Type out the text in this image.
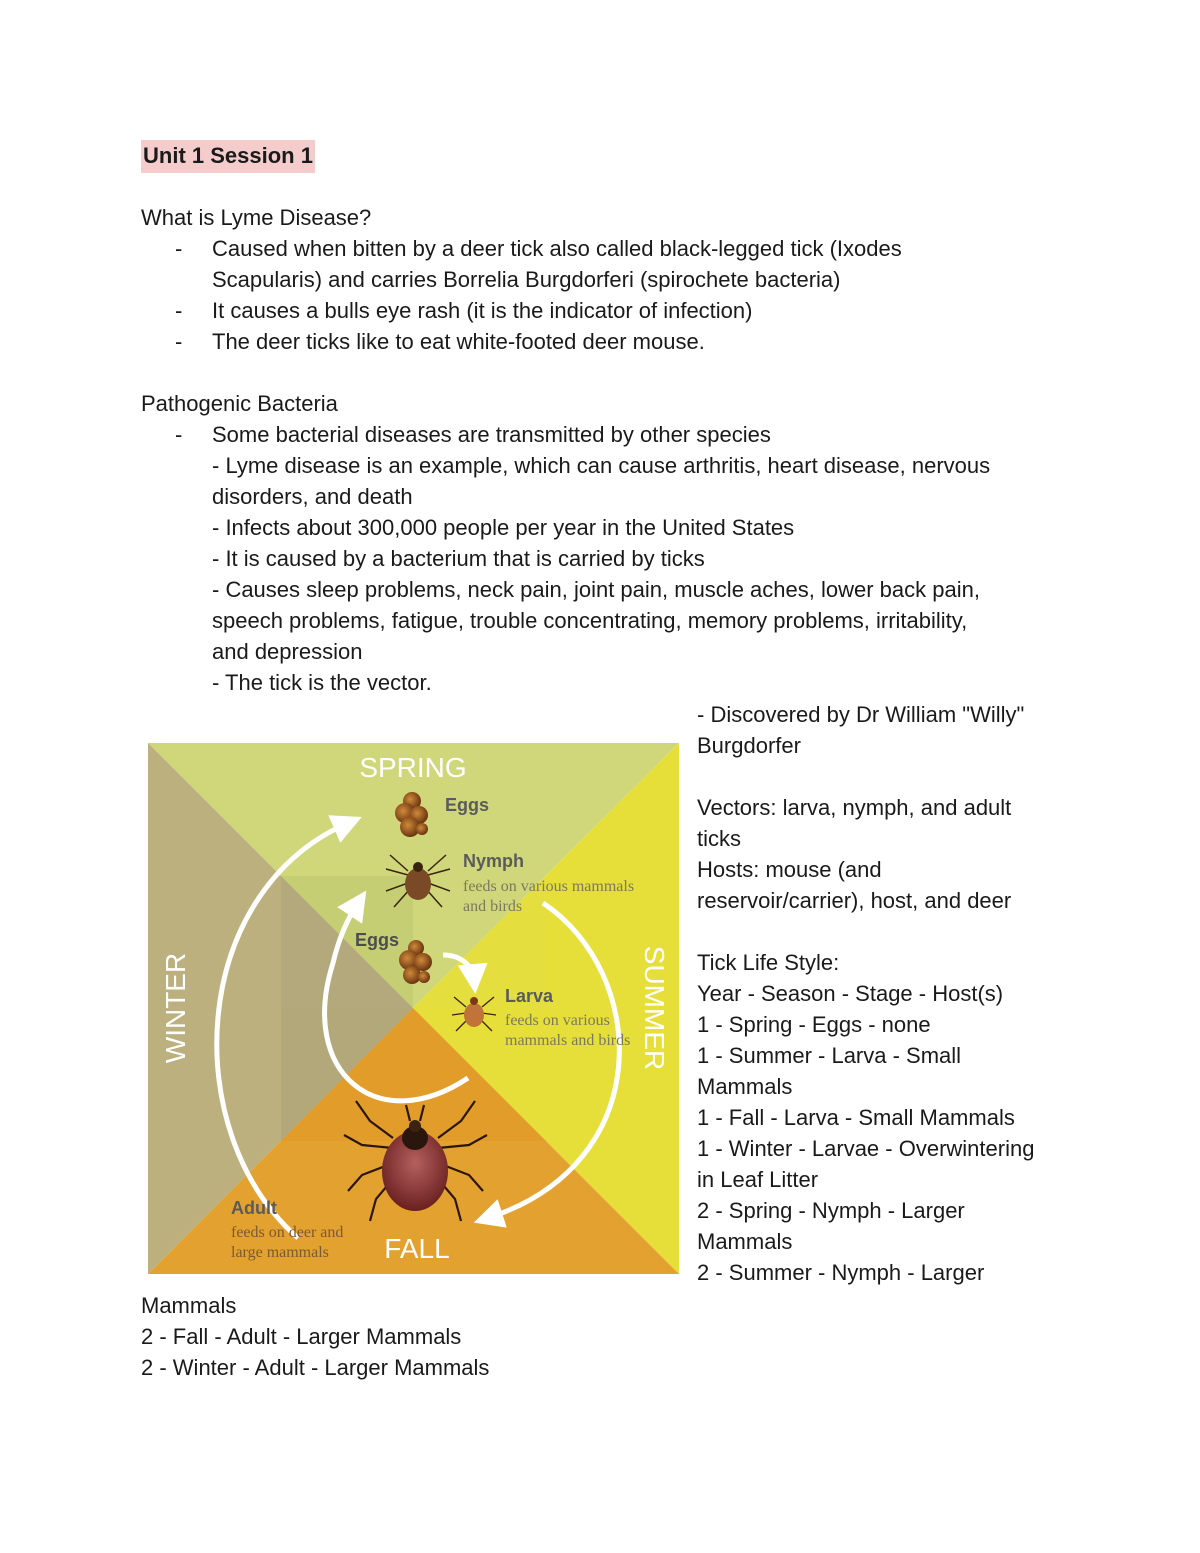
Unit 1 Session 1
What is Lyme Disease?
- Caused when bitten by a deer tick also called black-legged tick (Ixodes
Scapularis) and carries Borrelia Burgdorferi (spirochete bacteria)
- It causes a bulls eye rash (it is the indicator of infection)
- The deer ticks like to eat white-footed deer mouse.
Pathogenic Bacteria
- Some bacterial diseases are transmitted by other species
- Lyme disease is an example, which can cause arthritis, heart disease, nervous
disorders, and death
- Infects about 300,000 people per year in the United States
- It is caused by a bacterium that is carried by ticks
- Causes sleep problems, neck pain, joint pain, muscle aches, lower back pain,
speech problems, fatigue, trouble concentrating, memory problems, irritability,
and depression
- The tick is the vector.
- Discovered by Dr William "Willy"
Burgdorfer
Vectors: larva, nymph, and adult
ticks
Hosts: mouse (and
reservoir/carrier), host, and deer
Tick Life Style:
Year - Season - Stage - Host(s)
1 - Spring - Eggs - none
1 - Summer - Larva - Small
Mammals
1 - Fall - Larva - Small Mammals
1 - Winter - Larvae - Overwintering
in Leaf Litter
2 - Spring - Nymph - Larger
Mammals
2 - Summer - Nymph - Larger
Mammals
2 - Fall - Adult - Larger Mammals
2 - Winter - Adult - Larger Mammals
SPRING
SUMMER
WINTER
FALL
Eggs
Nymph
feeds on various mammals
and birds
Eggs
Larva
feeds on various
mammals and birds
Adult
feeds on deer and
large mammals
